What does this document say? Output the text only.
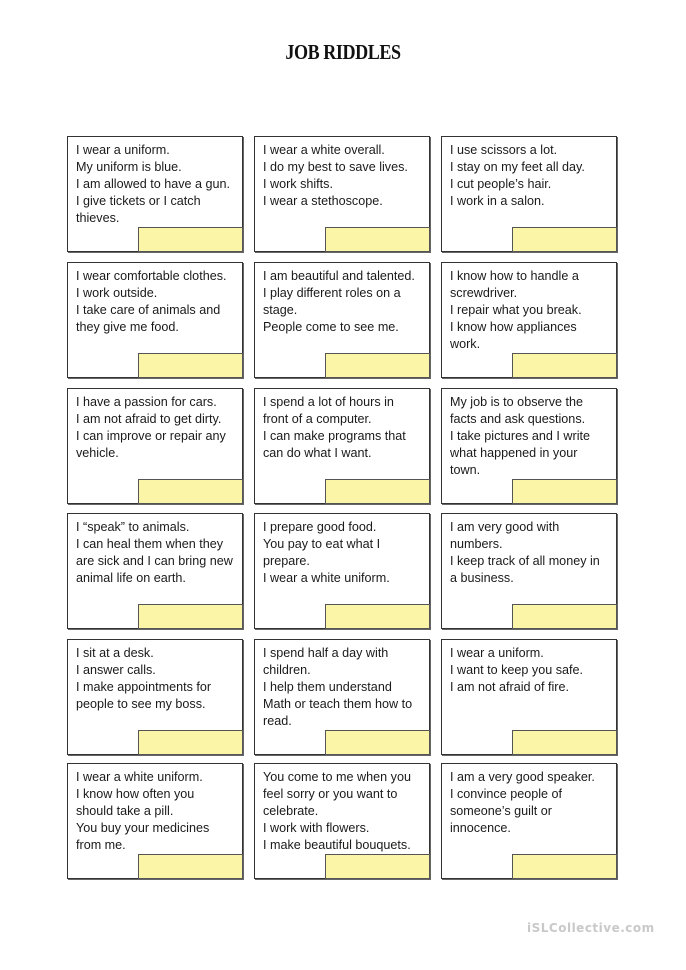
JOB RIDDLES
I wear a uniform.
My uniform is blue.
I am allowed to have a gun.
I give tickets or I catch
thieves.
I wear a white overall.
I do my best to save lives.
I work shifts.
I wear a stethoscope.
I use scissors a lot.
I stay on my feet all day.
I cut people’s hair.
I work in a salon.
I wear comfortable clothes.
I work outside.
I take care of animals and
they give me food.
I am beautiful and talented.
I play different roles on a
stage.
People come to see me.
I know how to handle a
screwdriver.
I repair what you break.
I know how appliances
work.
I have a passion for cars.
I am not afraid to get dirty.
I can improve or repair any
vehicle.
I spend a lot of hours in
front of a computer.
I can make programs that
can do what I want.
My job is to observe the
facts and ask questions.
I take pictures and I write
what happened in your
town.
I “speak” to animals.
I can heal them when they
are sick and I can bring new
animal life on earth.
I prepare good food.
You pay to eat what I
prepare.
I wear a white uniform.
I am very good with
numbers.
I keep track of all money in
a business.
I sit at a desk.
I answer calls.
I make appointments for
people to see my boss.
I spend half a day with
children.
I help them understand
Math or teach them how to
read.
I wear a uniform.
I want to keep you safe.
I am not afraid of fire.
I wear a white uniform.
I know how often you
should take a pill.
You buy your medicines
from me.
You come to me when you
feel sorry or you want to
celebrate.
I work with flowers.
I make beautiful bouquets.
I am a very good speaker.
I convince people of
someone’s guilt or
innocence.
iSLCollective.com
